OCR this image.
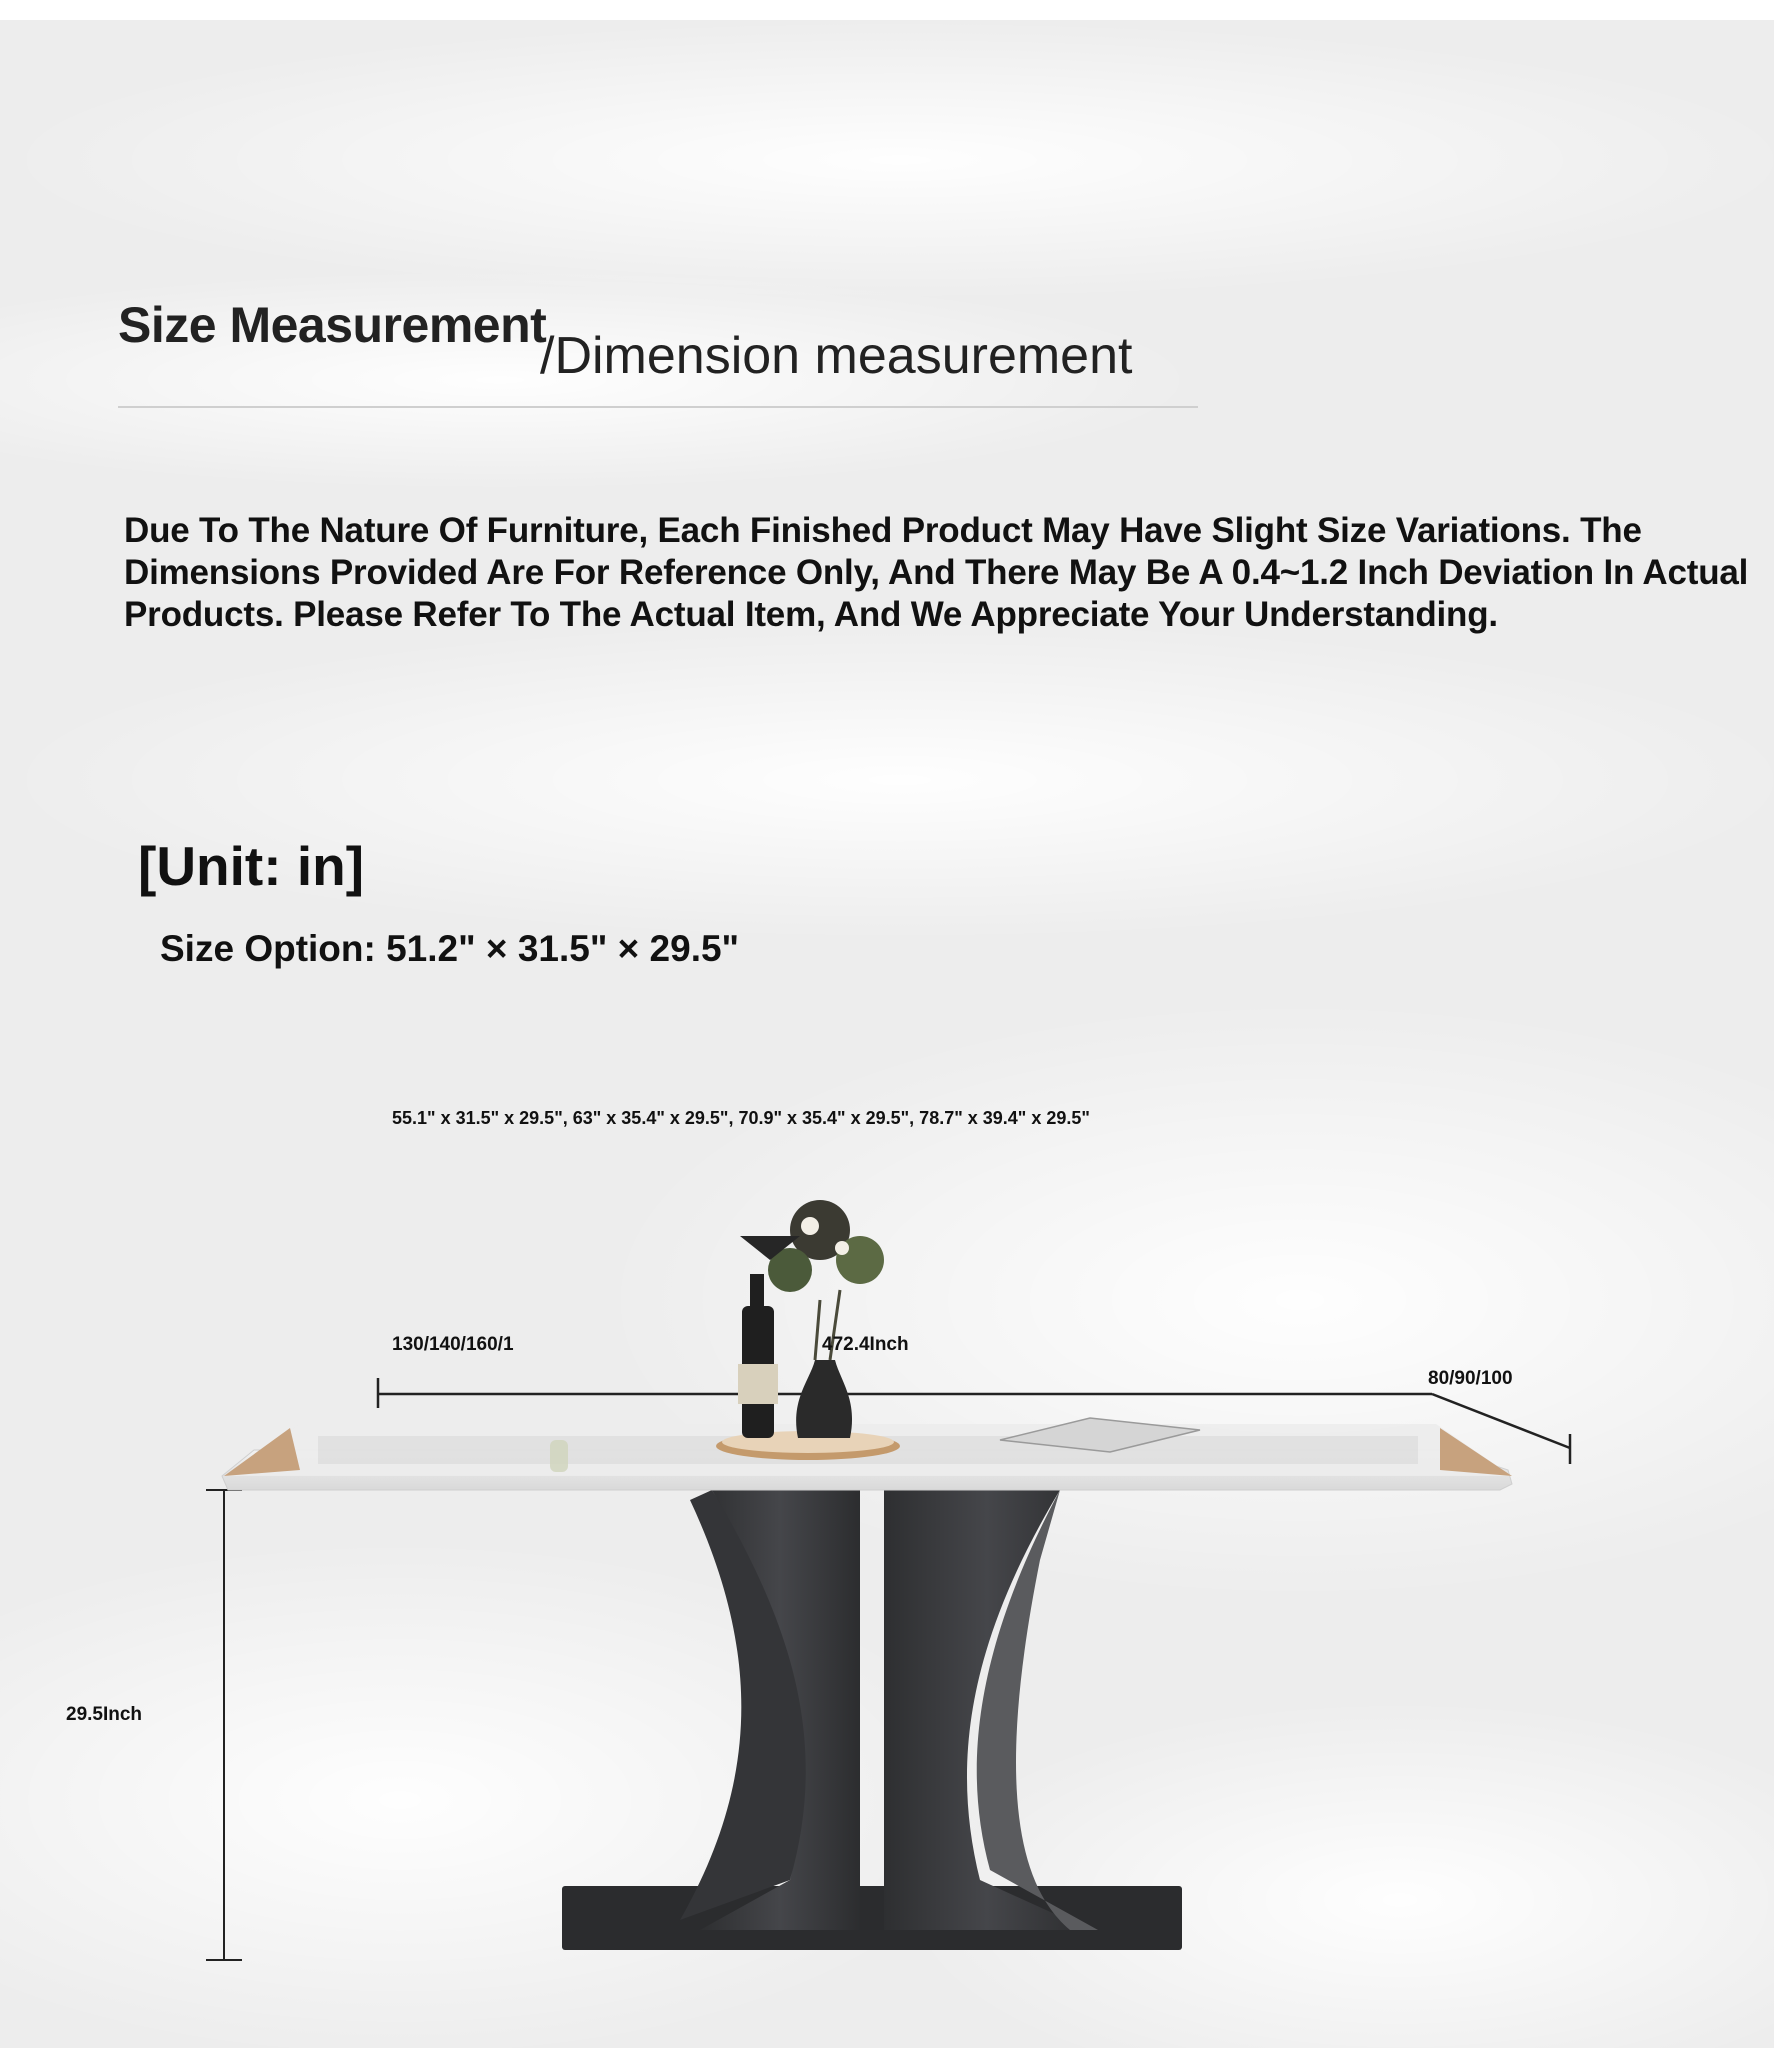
Size Measurement
/Dimension measurement
Due To The Nature Of Furniture, Each Finished Product May Have Slight Size Variations. The Dimensions Provided Are For Reference Only, And There May Be A 0.4~1.2 Inch Deviation In Actual Products. Please Refer To The Actual Item, And We Appreciate Your Understanding.
[Unit: in]
Size Option: 51.2" × 31.5" × 29.5"
55.1" x 31.5" x 29.5", 63" x 35.4" x 29.5", 70.9" x 35.4" x 29.5", 78.7" x 39.4" x 29.5"
130/140/160/1	472.4Inch
80/90/100
29.5Inch
